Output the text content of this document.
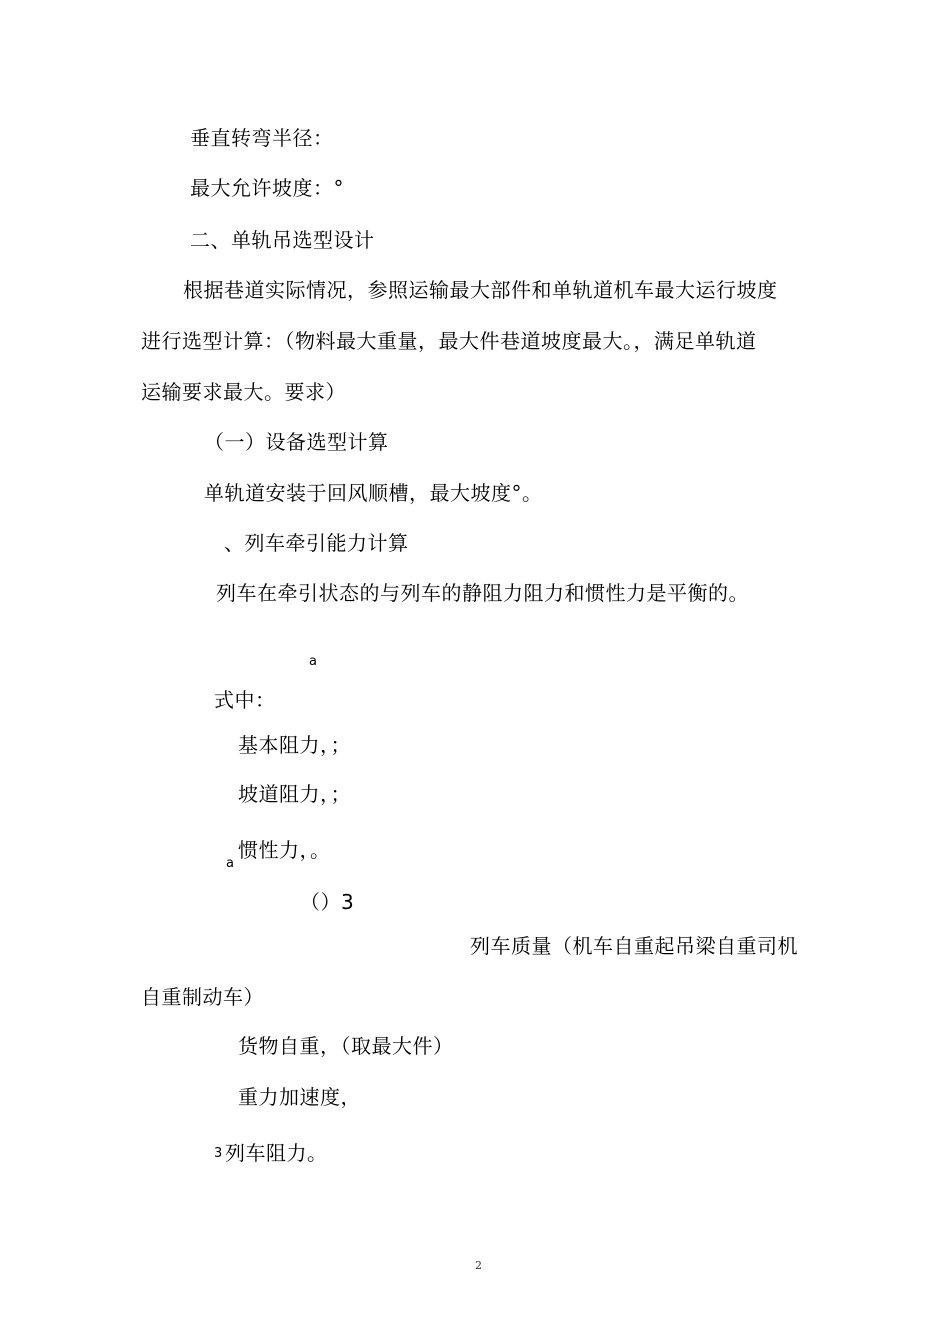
垂直转弯半径：
最大允许坡度：°
二、单轨吊选型设计
根据巷道实际情况，参照运输最大部件和单轨道机车最大运行坡度
进行选型计算：（物料最大重量，最大件巷道坡度最大。，满足单轨道
运输要求最大。要求）
（一）设备选型计算
单轨道安装于回风顺槽，最大坡度°。
、列车牵引能力计算
列车在牵引状态的与列车的静阻力阻力和惯性力是平衡的。
a
式中：
基本阻力，；
坡道阻力，；
a
惯性力，。
（）3
列车质量（机车自重起吊梁自重司机
自重制动车）
货物自重，（取最大件）
重力加速度，
3 列车阻力。
2
